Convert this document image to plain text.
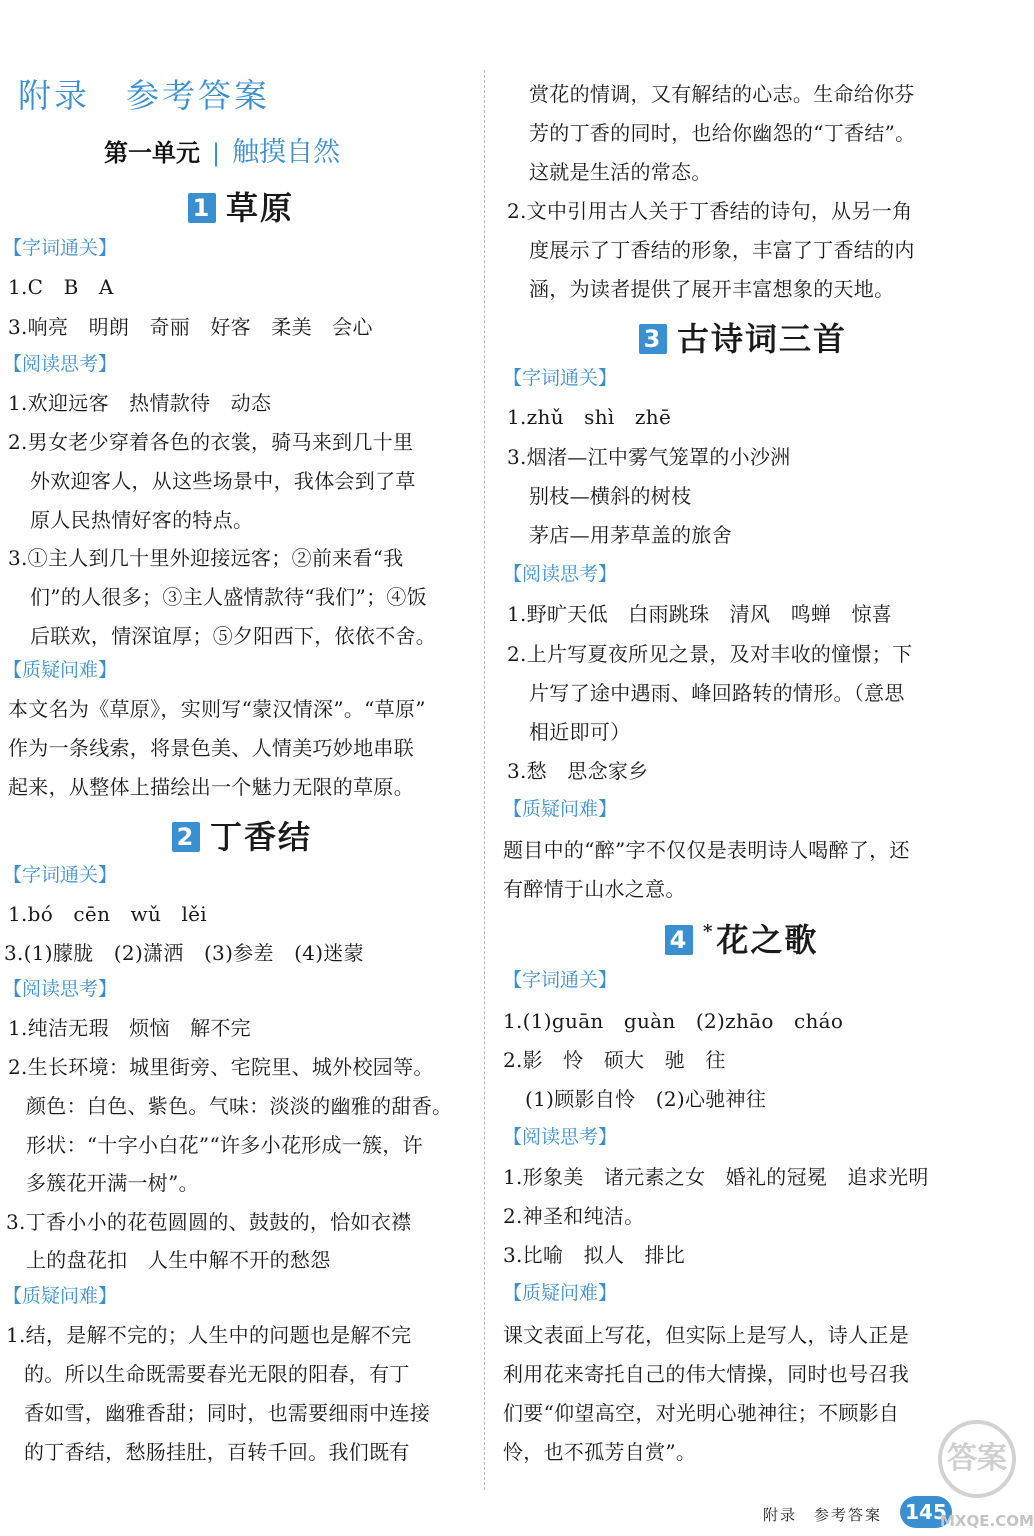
附录　参考答案
第一单元 | 触摸自然
1 草原
【字词通关】
1.C　B　A
3.响亮　明朗　奇丽　好客　柔美　会心
【阅读思考】
1.欢迎远客　热情款待　动态
2.男女老少穿着各色的衣裳，骑马来到几十里
外欢迎客人，从这些场景中，我体会到了草
原人民热情好客的特点。
3.①主人到几十里外迎接远客；②前来看“我
们”的人很多；③主人盛情款待“我们”；④饭
后联欢，情深谊厚；⑤夕阳西下，依依不舍。
【质疑问难】
本文名为《草原》，实则写“蒙汉情深”。“草原”
作为一条线索，将景色美、人情美巧妙地串联
起来，从整体上描绘出一个魅力无限的草原。
2 丁香结
【字词通关】
1.bó　cēn　wǔ　lěi
3.(1)朦胧　(2)潇洒　(3)参差　(4)迷蒙
【阅读思考】
1.纯洁无瑕　烦恼　解不完
2.生长环境：城里街旁、宅院里、城外校园等。
颜色：白色、紫色。气味：淡淡的幽雅的甜香。
形状：“十字小白花”“许多小花形成一簇，许
多簇花开满一树”。
3.丁香小小的花苞圆圆的、鼓鼓的，恰如衣襟
上的盘花扣　人生中解不开的愁怨
【质疑问难】
1.结，是解不完的；人生中的问题也是解不完
的。所以生命既需要春光无限的阳春，有丁
香如雪，幽雅香甜；同时，也需要细雨中连接
的丁香结，愁肠挂肚，百转千回。我们既有
赏花的情调，又有解结的心志。生命给你芬
芳的丁香的同时，也给你幽怨的“丁香结”。
这就是生活的常态。
2.文中引用古人关于丁香结的诗句，从另一角
度展示了丁香结的形象，丰富了丁香结的内
涵，为读者提供了展开丰富想象的天地。
3 古诗词三首
【字词通关】
1.zhǔ　shì　zhē
3.烟渚—江中雾气笼罩的小沙洲
别枝—横斜的树枝
茅店—用茅草盖的旅舍
【阅读思考】
1.野旷天低　白雨跳珠　清风　鸣蝉　惊喜
2.上片写夏夜所见之景，及对丰收的憧憬；下
片写了途中遇雨、峰回路转的情形。（意思
相近即可）
3.愁　思念家乡
【质疑问难】
题目中的“醉”字不仅仅是表明诗人喝醉了，还
有醉情于山水之意。
4 *花之歌
【字词通关】
1.(1)guān　guàn　(2)zhāo　cháo
2.影　怜　硕大　驰　往
(1)顾影自怜　(2)心驰神往
【阅读思考】
1.形象美　诸元素之女　婚礼的冠冕　追求光明
2.神圣和纯洁。
3.比喻　拟人　排比
【质疑问难】
课文表面上写花，但实际上是写人，诗人正是
利用花来寄托自己的伟大情操，同时也号召我
们要“仰望高空，对光明心驰神往；不顾影自
怜，也不孤芳自赏”。
附录　参考答案 145
答案
MXQE.COM
